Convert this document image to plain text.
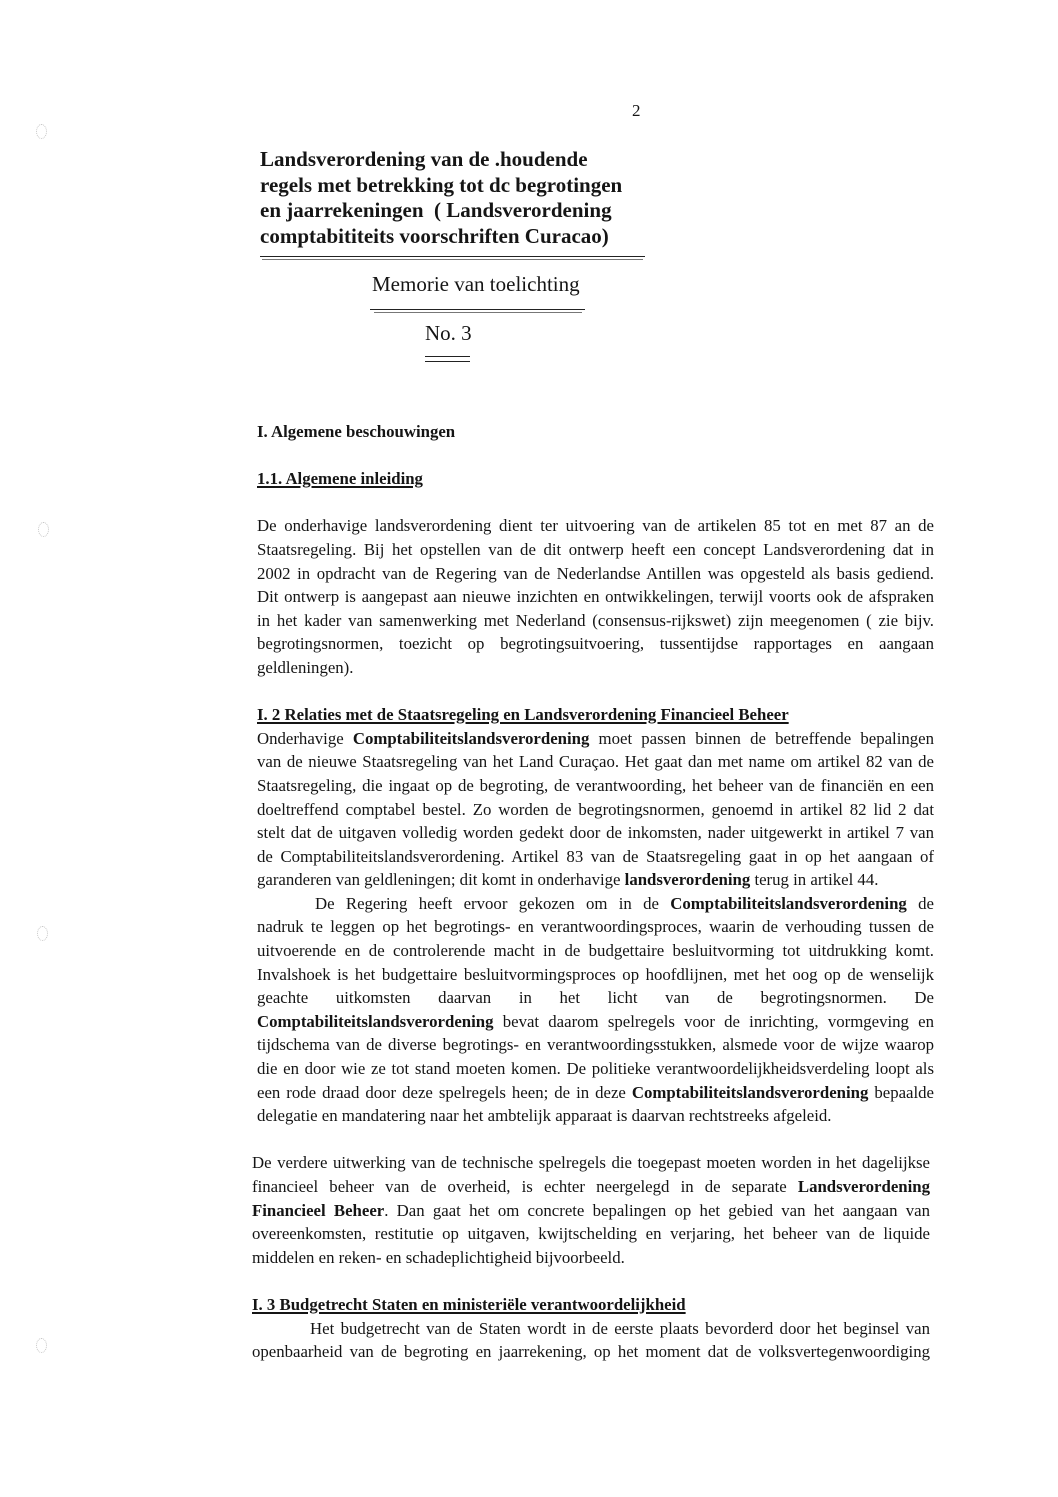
2
Landsverordening van de .houdende
regels met betrekking tot dc begrotingen
en jaarrekeningen  ( Landsverordening
comptabititeits voorschriften Curacao)
Memorie van toelichting
No. 3
I. Algemene beschouwingen
1.1. Algemene inleiding
De onderhavige landsverordening dient ter uitvoering van de artikelen 85 tot en met 87 an de
Staatsregeling. Bij het opstellen van de dit ontwerp heeft een concept Landsverordening dat in
2002 in opdracht van de Regering van de Nederlandse Antillen was opgesteld als basis gediend.
Dit ontwerp is aangepast aan nieuwe inzichten en ontwikkelingen, terwijl voorts ook de afspraken
in het kader van samenwerking met Nederland (consensus-rijkswet) zijn meegenomen ( zie bijv.
begrotingsnormen, toezicht op begrotingsuitvoering, tussentijdse rapportages en aangaan
geldleningen).
I. 2 Relaties met de Staatsregeling en Landsverordening Financieel Beheer
Onderhavige Comptabiliteitslandsverordening moet passen binnen de betreffende bepalingen
van de nieuwe Staatsregeling van het Land Curaçao. Het gaat dan met name om artikel 82 van de
Staatsregeling, die ingaat op de begroting, de verantwoording, het beheer van de financiën en een
doeltreffend comptabel bestel. Zo worden de begrotingsnormen, genoemd in artikel 82 lid 2 dat
stelt dat de uitgaven volledig worden gedekt door de inkomsten, nader uitgewerkt in artikel 7 van
de Comptabiliteitslandsverordening. Artikel 83 van de Staatsregeling gaat in op het aangaan of
garanderen van geldleningen; dit komt in onderhavige landsverordening terug in artikel 44.
De Regering heeft ervoor gekozen om in de Comptabiliteitslandsverordening de
nadruk te leggen op het begrotings- en verantwoordingsproces, waarin de verhouding tussen de
uitvoerende en de controlerende macht in de budgettaire besluitvorming tot uitdrukking komt.
Invalshoek is het budgettaire besluitvormingsproces op hoofdlijnen, met het oog op de wenselijk
geachte uitkomsten daarvan in het licht van de begrotingsnormen. De
Comptabiliteitslandsverordening bevat daarom spelregels voor de inrichting, vormgeving en
tijdschema van de diverse begrotings- en verantwoordingsstukken, alsmede voor de wijze waarop
die en door wie ze tot stand moeten komen. De politieke verantwoordelijkheidsverdeling loopt als
een rode draad door deze spelregels heen; de in deze Comptabiliteitslandsverordening bepaalde
delegatie en mandatering naar het ambtelijk apparaat is daarvan rechtstreeks afgeleid.
De verdere uitwerking van de technische spelregels die toegepast moeten worden in het dagelijkse
financieel beheer van de overheid, is echter neergelegd in de separate Landsverordening
Financieel Beheer. Dan gaat het om concrete bepalingen op het gebied van het aangaan van
overeenkomsten, restitutie op uitgaven, kwijtschelding en verjaring, het beheer van de liquide
middelen en reken- en schadeplichtigheid bijvoorbeeld.
I. 3 Budgetrecht Staten en ministeriële verantwoordelijkheid
Het budgetrecht van de Staten wordt in de eerste plaats bevorderd door het beginsel van
openbaarheid van de begroting en jaarrekening, op het moment dat de volksvertegenwoordiging
